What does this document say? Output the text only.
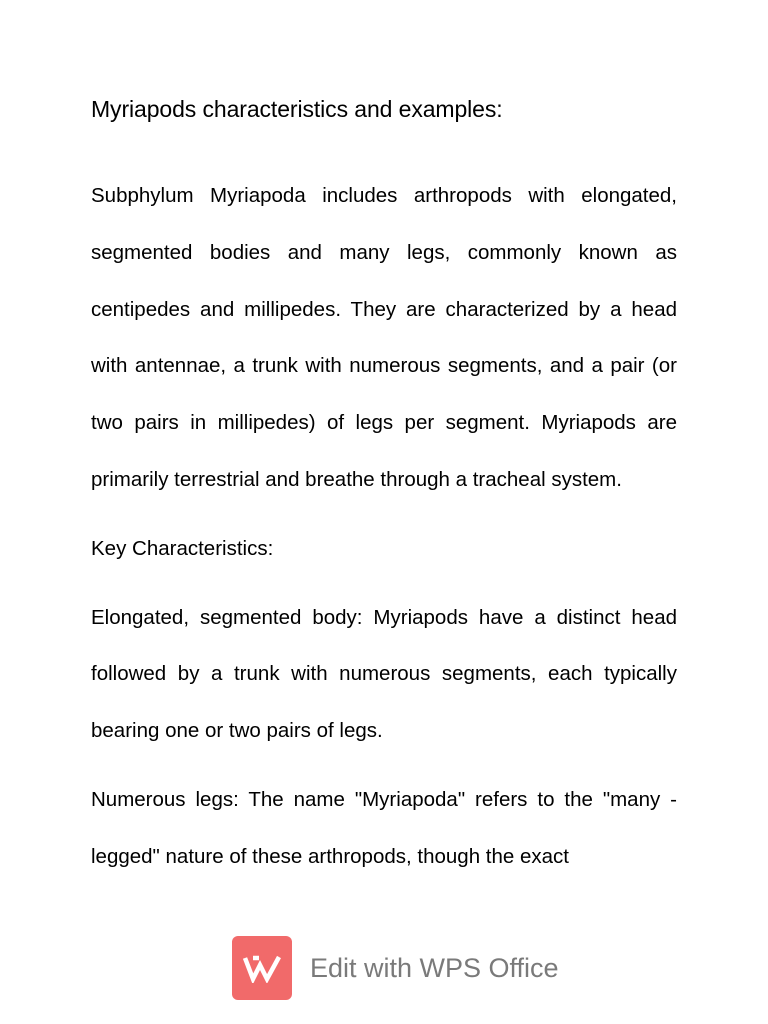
Myriapods characteristics and examples:

Subphylum Myriapoda includes arthropods with elongated, segmented bodies and many legs, commonly known as centipedes and millipedes. They are characterized by a head with antennae, a trunk with numerous segments, and a pair (or two pairs in millipedes) of legs per segment. Myriapods are primarily terrestrial and breathe through a tracheal system.

Key Characteristics:

Elongated, segmented body: Myriapods have a distinct head followed by a trunk with numerous segments, each typically bearing one or two pairs of legs.

Numerous legs: The name "Myriapoda" refers to the "many -legged" nature of these arthropods, though the exact

Edit with WPS Office
